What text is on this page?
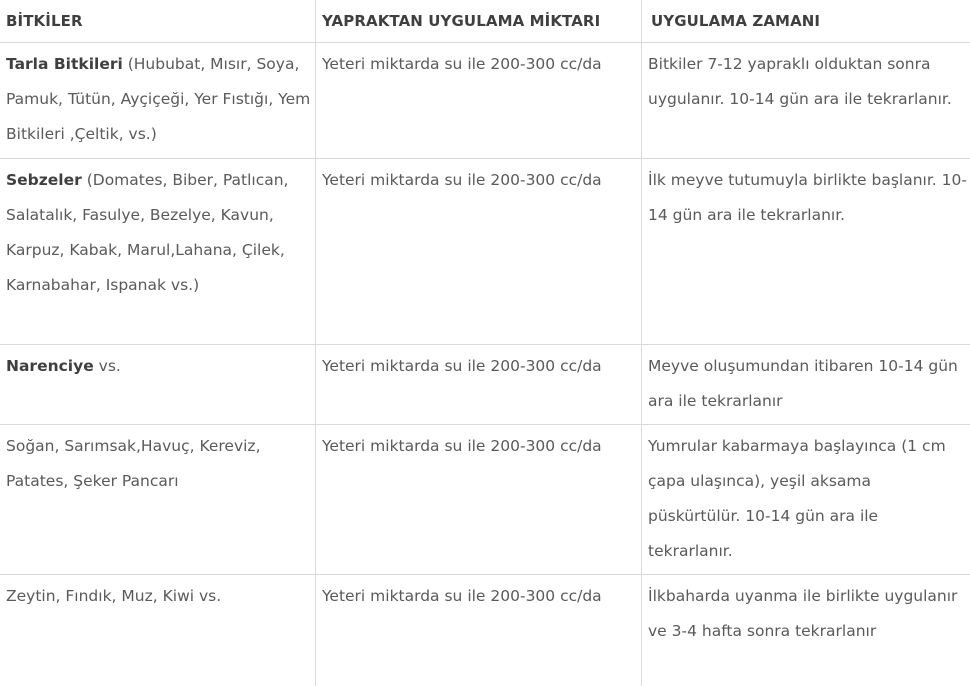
BİTKİLER	YAPRAKTAN UYGULAMA MİKTARI	UYGULAMA ZAMANI
Tarla Bitkileri (Hububat, Mısır, Soya, Pamuk, Tütün, Ayçiçeği, Yer Fıstığı, Yem Bitkileri ,Çeltik, vs.)	Yeteri miktarda su ile 200-300 cc/da	Bitkiler 7-12 yapraklı olduktan sonra uygulanır. 10-14 gün ara ile tekrarlanır.
Sebzeler (Domates, Biber, Patlıcan, Salatalık, Fasulye, Bezelye, Kavun, Karpuz, Kabak, Marul,Lahana, Çilek, Karnabahar, Ispanak vs.)	Yeteri miktarda su ile 200-300 cc/da	İlk meyve tutumuyla birlikte başlanır. 10-14 gün ara ile tekrarlanır.
Narenciye vs.	Yeteri miktarda su ile 200-300 cc/da	Meyve oluşumundan itibaren 10-14 gün ara ile tekrarlanır
Soğan, Sarımsak,Havuç, Kereviz, Patates, Şeker Pancarı	Yeteri miktarda su ile 200-300 cc/da	Yumrular kabarmaya başlayınca (1 cm çapa ulaşınca), yeşil aksama püskürtülür. 10-14 gün ara ile tekrarlanır.
Zeytin, Fındık, Muz, Kiwi vs.	Yeteri miktarda su ile 200-300 cc/da	İlkbaharda uyanma ile birlikte uygulanır ve 3-4 hafta sonra tekrarlanır
